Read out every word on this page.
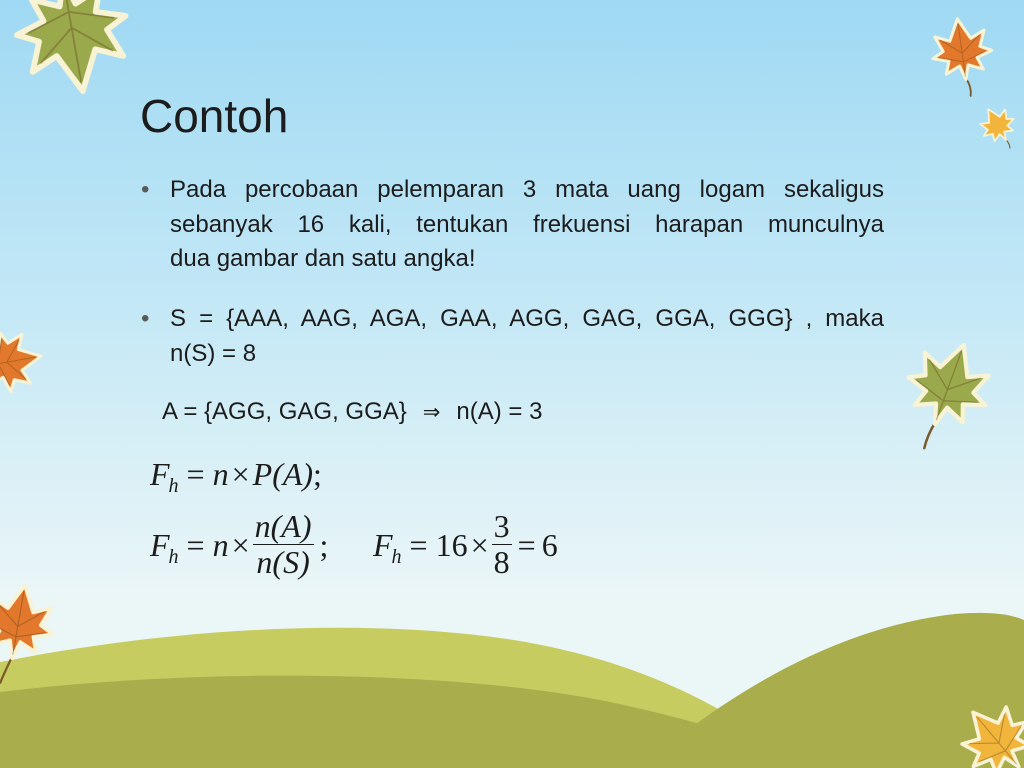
Contoh
• Pada percobaan pelemparan 3 mata uang logam sekaligus
sebanyak 16 kali, tentukan frekuensi harapan munculnya
dua gambar dan satu angka!
• S = {AAA, AAG, AGA, GAA, AGG, GAG, GGA, GGG} , maka
n(S) = 8
A = {AGG, GAG, GGA} ⇒ n(A) = 3
$F_h = n \times P(A)$ ;
$F_h = n \times \frac{n(A)}{n(S)}$ ; $F_h = 16 \times \frac{3}{8} = 6$
